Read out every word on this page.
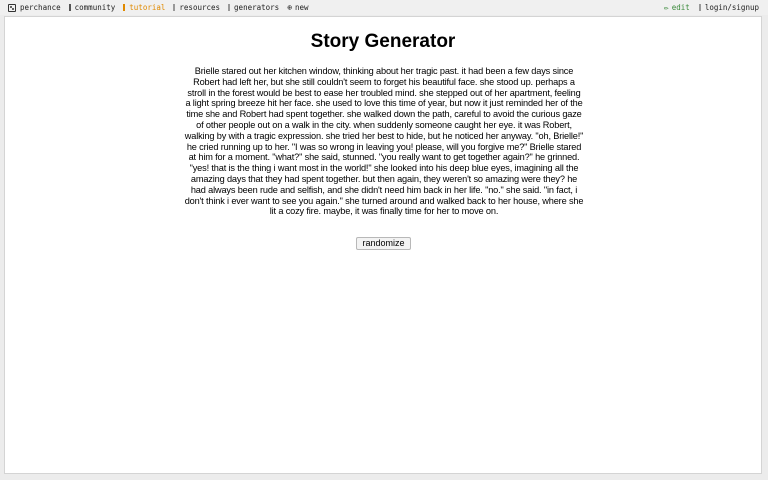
perchance community tutorial resources generators ⊕ new	✏ edit login/signup
Story Generator
Brielle stared out her kitchen window, thinking about her tragic past. it had been a few days since Robert had left her, but she still couldn't seem to forget his beautiful face. she stood up. perhaps a stroll in the forest would be best to ease her troubled mind. she stepped out of her apartment, feeling a light spring breeze hit her face. she used to love this time of year, but now it just reminded her of the time she and Robert had spent together. she walked down the path, careful to avoid the curious gaze of other people out on a walk in the city. when suddenly someone caught her eye. it was Robert, walking by with a tragic expression. she tried her best to hide, but he noticed her anyway. "oh, Brielle!" he cried running up to her. "I was so wrong in leaving you! please, will you forgive me?" Brielle stared at him for a moment. "what?" she said, stunned. "you really want to get together again?" he grinned. "yes! that is the thing i want most in the world!" she looked into his deep blue eyes, imagining all the amazing days that they had spent together. but then again, they weren't so amazing were they? he had always been rude and selfish, and she didn't need him back in her life. "no." she said. "in fact, i don't think i ever want to see you again." she turned around and walked back to her house, where she lit a cozy fire. maybe, it was finally time for her to move on.
randomize
